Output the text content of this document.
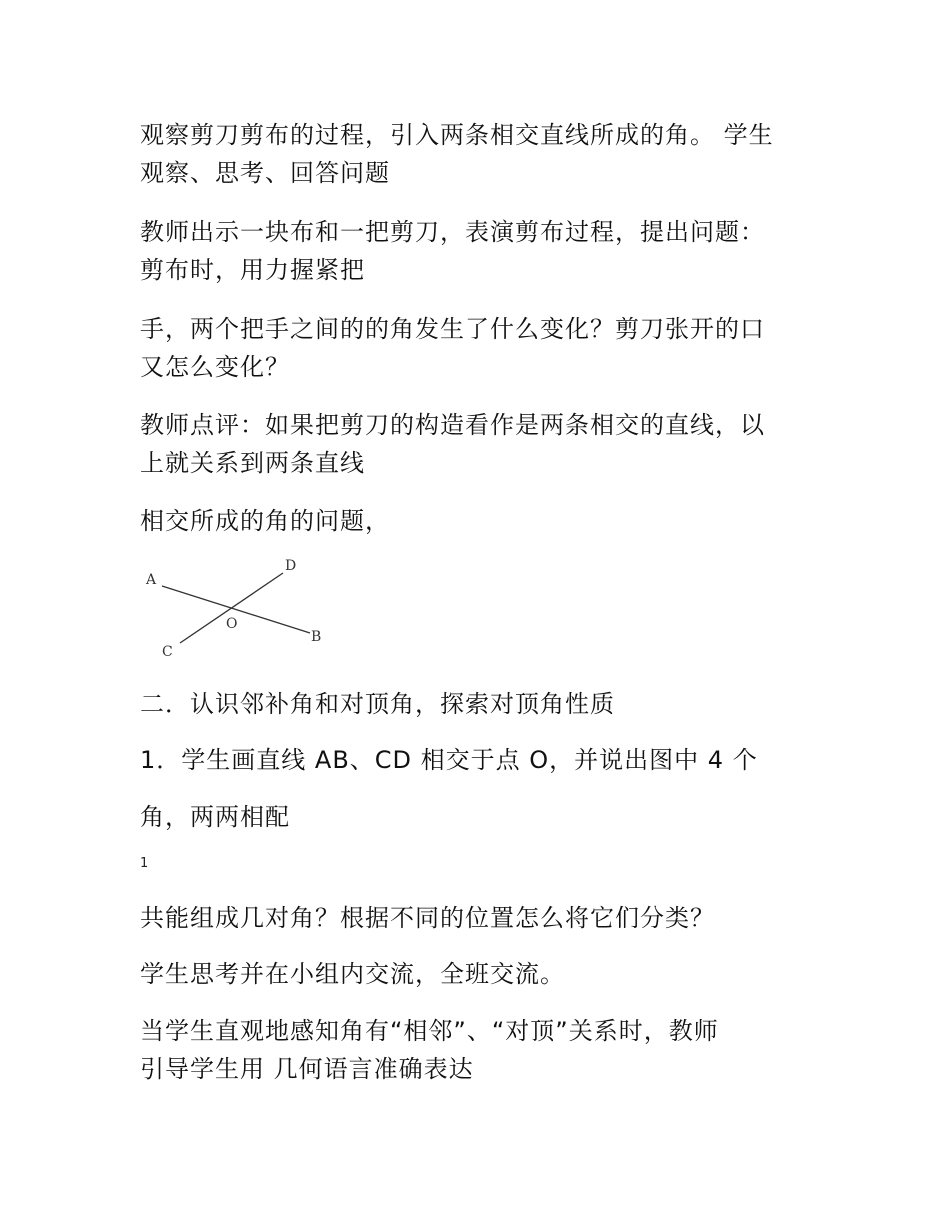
观察剪刀剪布的过程，引入两条相交直线所成的角。 学生
观察、思考、回答问题
教师出示一块布和一把剪刀，表演剪布过程，提出问题：
剪布时，用力握紧把
手，两个把手之间的的角发生了什么变化？剪刀张开的口
又怎么变化？
教师点评：如果把剪刀的构造看作是两条相交的直线，以
上就关系到两条直线
相交所成的角的问题，
A
D
O
B
C
二．认识邻补角和对顶角，探索对顶角性质
1．学生画直线 AB、CD 相交于点 O，并说出图中 4 个
角，两两相配
1
共能组成几对角？根据不同的位置怎么将它们分类？
学生思考并在小组内交流，全班交流。
当学生直观地感知角有“相邻”、“对顶”关系时，教师
引导学生用 几何语言准确表达
